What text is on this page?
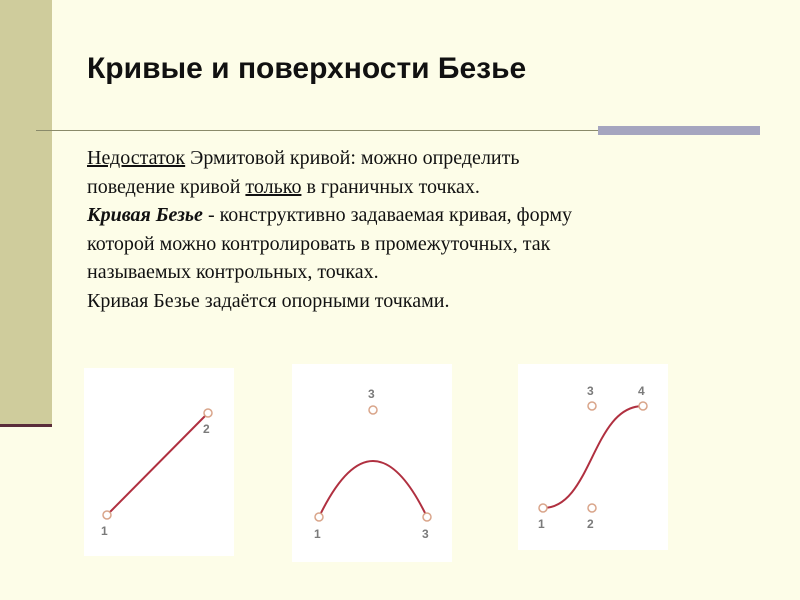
Кривые и поверхности Безье

Недостаток Эрмитовой кривой: можно определить

поведение кривой только в граничных точках.

Кривая Безье - конструктивно задаваемая кривая, форму

которой можно контролировать в промежуточных, так

называемых контрольных, точках.

Кривая Безье задаётся опорными точками.

1
2
1
3
3
1	2
3	4
